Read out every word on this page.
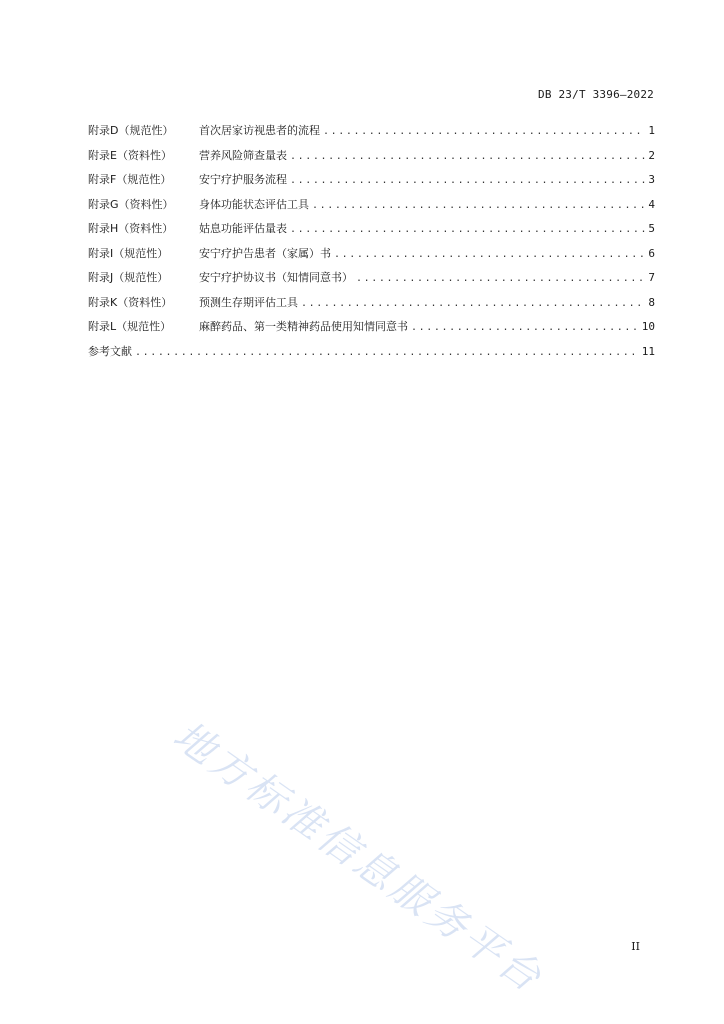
DB 23/T 3396—2022
附录D（规范性）	首次居家访视患者的流程 .....	1
附录E（资料性）	营养风险筛查量表 .....	2
附录F（规范性）	安宁疗护服务流程 .....	3
附录G（资料性）	身体功能状态评估工具 .....	4
附录H（资料性）	姑息功能评估量表 .....	5
附录I（规范性）	安宁疗护告患者（家属）书 .....	6
附录J（规范性）	安宁疗护协议书（知情同意书） .....	7
附录K（资料性）	预测生存期评估工具 .....	8
附录L（规范性）	麻醉药品、第一类精神药品使用知情同意书 .....	10
参考文献 .....	11
地方标准信息服务平台	II
